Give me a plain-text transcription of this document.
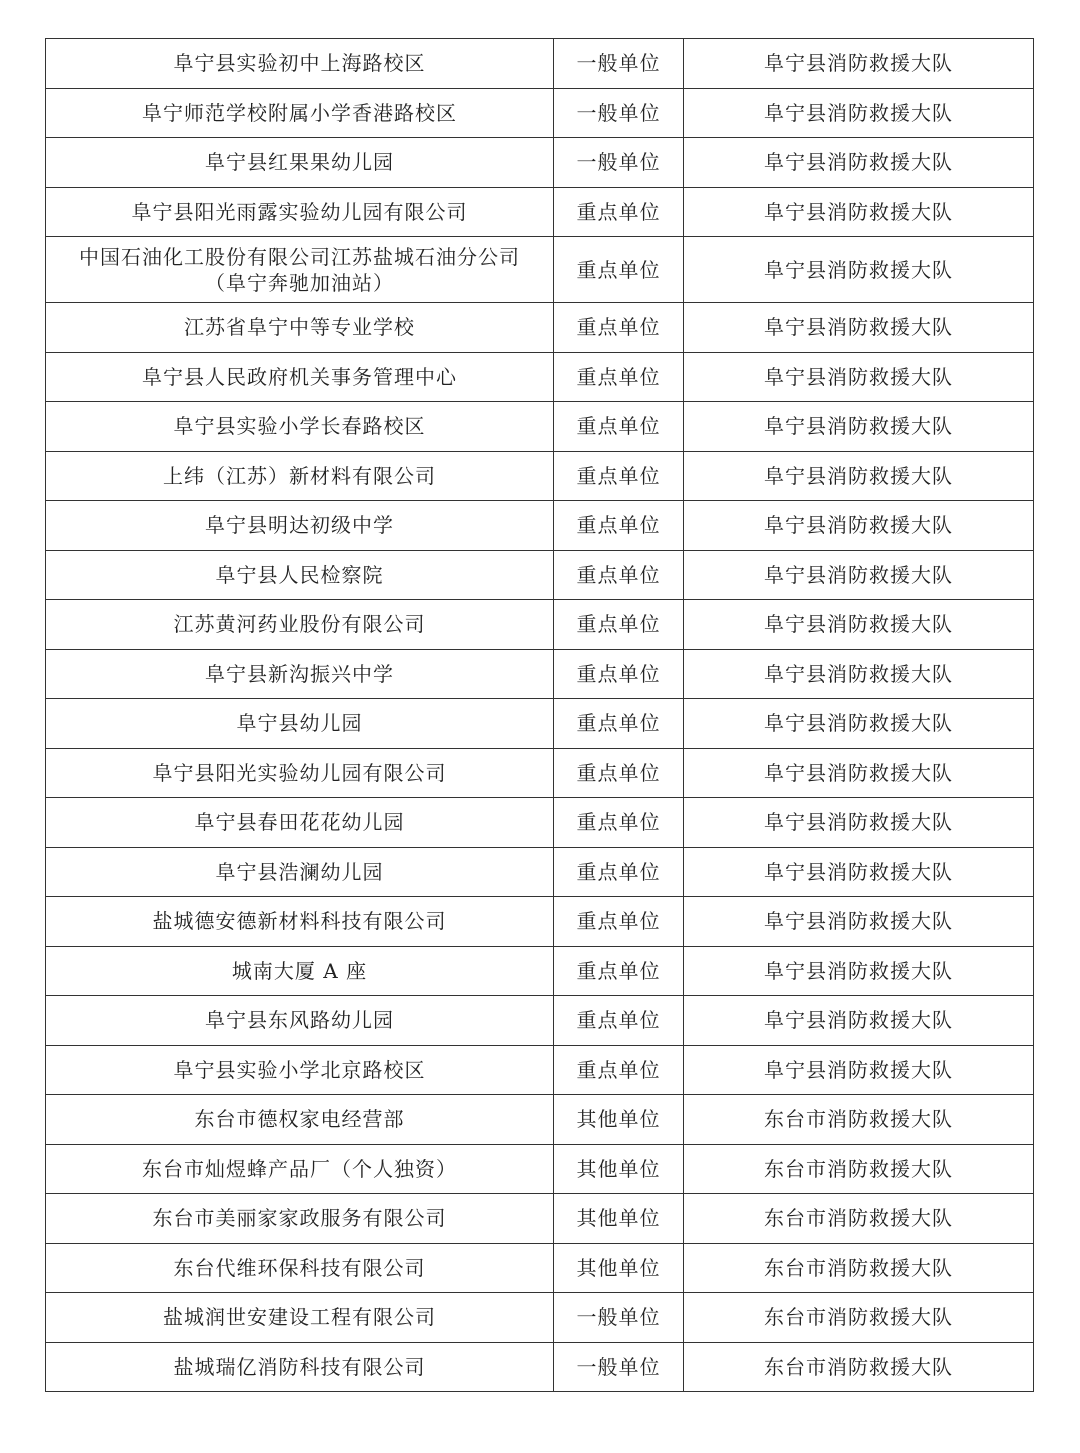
阜宁县实验初中上海路校区	一般单位	阜宁县消防救援大队
阜宁师范学校附属小学香港路校区	一般单位	阜宁县消防救援大队
阜宁县红果果幼儿园	一般单位	阜宁县消防救援大队
阜宁县阳光雨露实验幼儿园有限公司	重点单位	阜宁县消防救援大队

中国石油化工股份有限公司江苏盐城石油分公司
（阜宁奔驰加油站）	重点单位	阜宁县消防救援大队
江苏省阜宁中等专业学校	重点单位	阜宁县消防救援大队
阜宁县人民政府机关事务管理中心	重点单位	阜宁县消防救援大队
阜宁县实验小学长春路校区	重点单位	阜宁县消防救援大队
上纬（江苏）新材料有限公司	重点单位	阜宁县消防救援大队
阜宁县明达初级中学	重点单位	阜宁县消防救援大队
阜宁县人民检察院	重点单位	阜宁县消防救援大队
江苏黄河药业股份有限公司	重点单位	阜宁县消防救援大队
阜宁县新沟振兴中学	重点单位	阜宁县消防救援大队
阜宁县幼儿园	重点单位	阜宁县消防救援大队
阜宁县阳光实验幼儿园有限公司	重点单位	阜宁县消防救援大队
阜宁县春田花花幼儿园	重点单位	阜宁县消防救援大队
阜宁县浩澜幼儿园	重点单位	阜宁县消防救援大队
盐城德安德新材料科技有限公司	重点单位	阜宁县消防救援大队
城南大厦 A 座	重点单位	阜宁县消防救援大队
阜宁县东风路幼儿园	重点单位	阜宁县消防救援大队
阜宁县实验小学北京路校区	重点单位	阜宁县消防救援大队
东台市德权家电经营部	其他单位	东台市消防救援大队
东台市灿煜蜂产品厂（个人独资）	其他单位	东台市消防救援大队
东台市美丽家家政服务有限公司	其他单位	东台市消防救援大队
东台代维环保科技有限公司	其他单位	东台市消防救援大队
盐城润世安建设工程有限公司	一般单位	东台市消防救援大队
盐城瑞亿消防科技有限公司	一般单位	东台市消防救援大队
